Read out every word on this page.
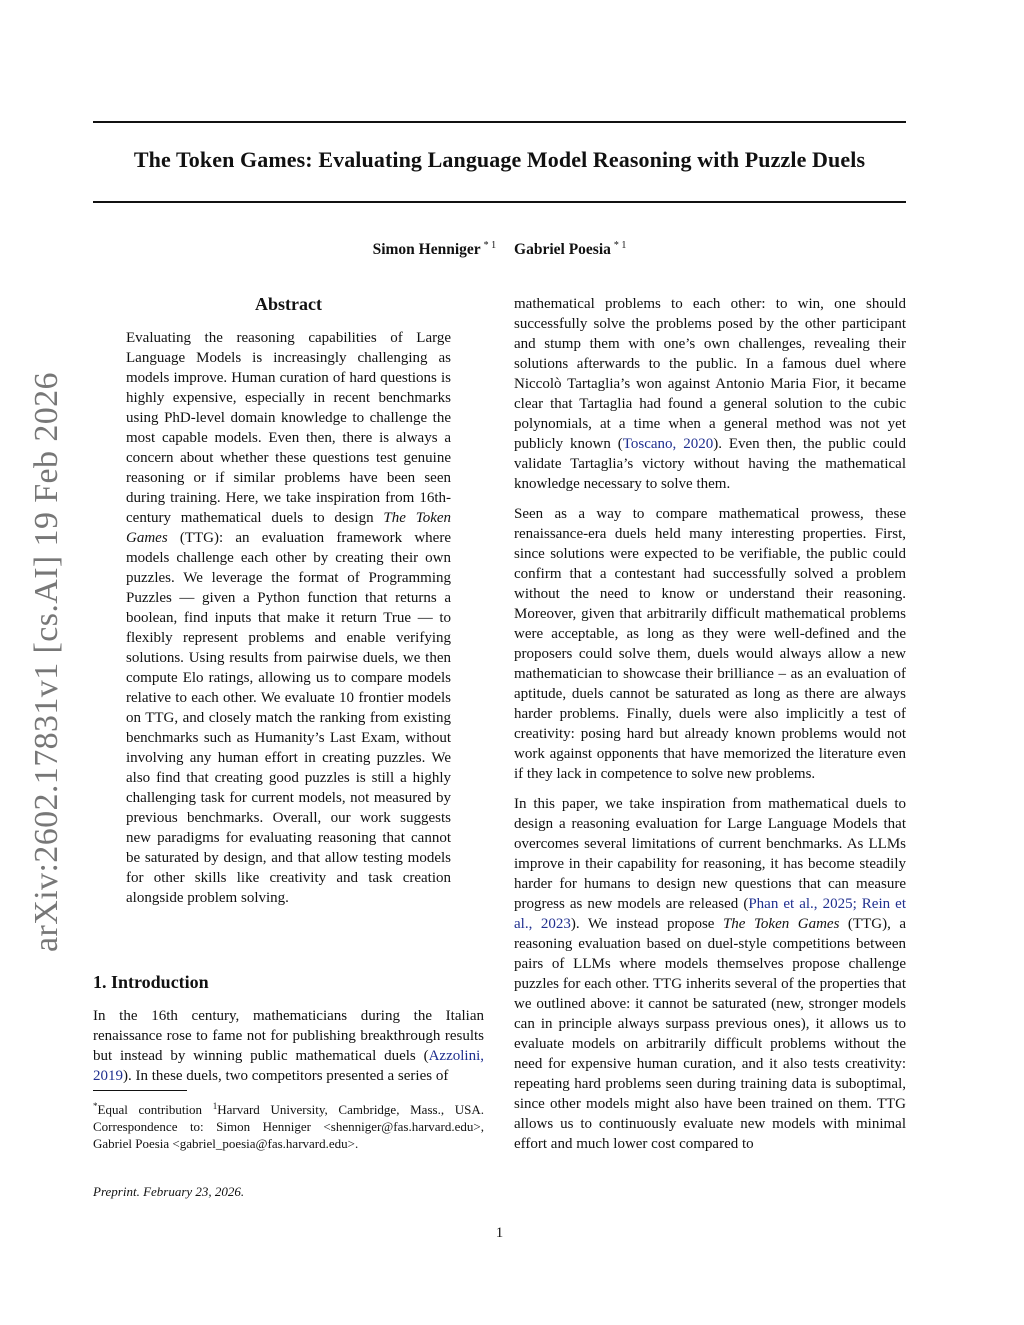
The Token Games: Evaluating Language Model Reasoning with Puzzle Duels
Simon Henniger $^{* 1}$ Gabriel Poesia $^{* 1}$
arXiv:2602.17831v1 [cs.AI] 19 Feb 2026
Abstract
Evaluating the reasoning capabilities of Large Language Models is increasingly challenging as models improve. Human curation of hard questions is highly expensive, especially in recent benchmarks using PhD-level domain knowledge to challenge the most capable models. Even then, there is always a concern about whether these questions test genuine reasoning or if similar problems have been seen during training. Here, we take inspiration from 16th-century mathematical duels to design The Token Games (TTG): an evaluation framework where models challenge each other by creating their own puzzles. We leverage the format of Programming Puzzles — given a Python function that returns a boolean, find inputs that make it return True — to flexibly represent problems and enable verifying solutions. Using results from pairwise duels, we then compute Elo ratings, allowing us to compare models relative to each other. We evaluate 10 frontier models on TTG, and closely match the ranking from existing benchmarks such as Humanity’s Last Exam, without involving any human effort in creating puzzles. We also find that creating good puzzles is still a highly challenging task for current models, not measured by previous benchmarks. Overall, our work suggests new paradigms for evaluating reasoning that cannot be saturated by design, and that allow testing models for other skills like creativity and task creation alongside problem solving.
1. Introduction
In the 16th century, mathematicians during the Italian renaissance rose to fame not for publishing breakthrough results but instead by winning public mathematical duels (Azzolini, 2019). In these duels, two competitors presented a series of
*Equal contribution $^1$Harvard University, Cambridge, Mass., USA. Correspondence to: Simon Henniger <shenniger@fas.harvard.edu>, Gabriel Poesia <gabriel_poesia@fas.harvard.edu>.
Preprint. February 23, 2026.

mathematical problems to each other: to win, one should successfully solve the problems posed by the other participant and stump them with one’s own challenges, revealing their solutions afterwards to the public. In a famous duel where Niccolò Tartaglia’s won against Antonio Maria Fior, it became clear that Tartaglia had found a general solution to the cubic polynomials, at a time when a general method was not yet publicly known (Toscano, 2020). Even then, the public could validate Tartaglia’s victory without having the mathematical knowledge necessary to solve them.

Seen as a way to compare mathematical prowess, these renaissance-era duels held many interesting properties. First, since solutions were expected to be verifiable, the public could confirm that a contestant had successfully solved a problem without the need to know or understand their reasoning. Moreover, given that arbitrarily difficult mathematical problems were acceptable, as long as they were well-defined and the proposers could solve them, duels would always allow a new mathematician to showcase their brilliance – as an evaluation of aptitude, duels cannot be saturated as long as there are always harder problems. Finally, duels were also implicitly a test of creativity: posing hard but already known problems would not work against opponents that have memorized the literature even if they lack in competence to solve new problems.

In this paper, we take inspiration from mathematical duels to design a reasoning evaluation for Large Language Models that overcomes several limitations of current benchmarks. As LLMs improve in their capability for reasoning, it has become steadily harder for humans to design new questions that can measure progress as new models are released (Phan et al., 2025; Rein et al., 2023). We instead propose The Token Games (TTG), a reasoning evaluation based on duel-style competitions between pairs of LLMs where models themselves propose challenge puzzles for each other. TTG inherits several of the properties that we outlined above: it cannot be saturated (new, stronger models can in principle always surpass previous ones), it allows us to evaluate models on arbitrarily difficult problems without the need for expensive human curation, and it also tests creativity: repeating hard problems seen during training data is suboptimal, since other models might also have been trained on them. TTG allows us to continuously evaluate new models with minimal effort and much lower cost compared to

1
